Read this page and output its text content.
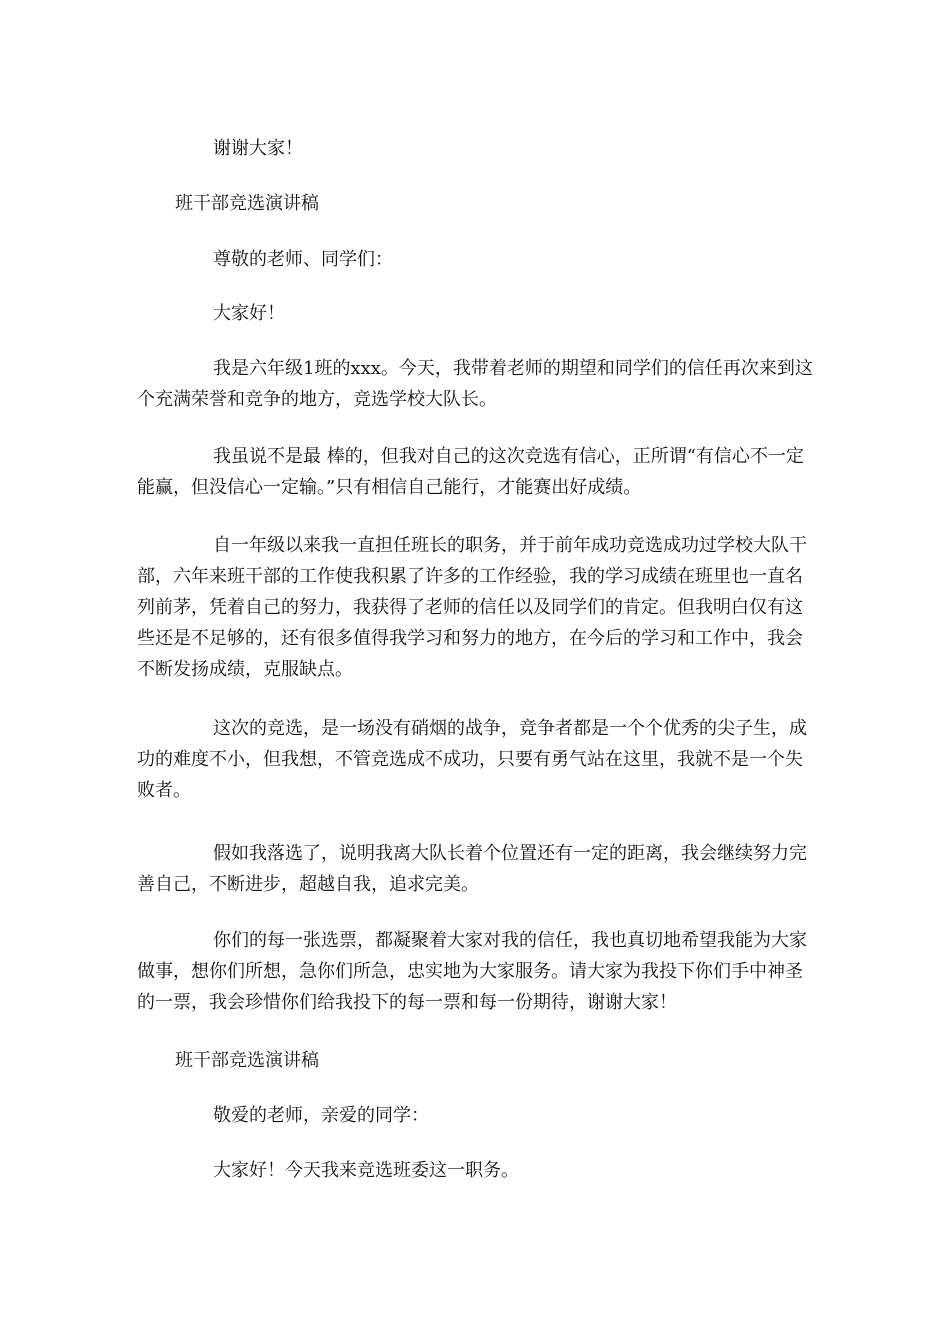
谢谢大家！

班干部竞选演讲稿

尊敬的老师、同学们：

大家好！

我是六年级1班的xxx。今天，我带着老师的期望和同学们的信任再次来到这个充满荣誉和竞争的地方，竞选学校大队长。

我虽说不是最 棒的，但我对自己的这次竞选有信心，正所谓“有信心不一定能赢，但没信心一定输。”只有相信自己能行，才能赛出好成绩。

自一年级以来我一直担任班长的职务，并于前年成功竞选成功过学校大队干部，六年来班干部的工作使我积累了许多的工作经验，我的学习成绩在班里也一直名列前茅，凭着自己的努力，我获得了老师的信任以及同学们的肯定。但我明白仅有这些还是不足够的，还有很多值得我学习和努力的地方，在今后的学习和工作中，我会不断发扬成绩，克服缺点。

这次的竞选，是一场没有硝烟的战争，竞争者都是一个个优秀的尖子生，成功的难度不小，但我想，不管竞选成不成功，只要有勇气站在这里，我就不是一个失败者。

假如我落选了，说明我离大队长着个位置还有一定的距离，我会继续努力完善自己，不断进步，超越自我，追求完美。

你们的每一张选票，都凝聚着大家对我的信任，我也真切地希望我能为大家做事，想你们所想，急你们所急，忠实地为大家服务。请大家为我投下你们手中神圣的一票，我会珍惜你们给我投下的每一票和每一份期待，谢谢大家！

班干部竞选演讲稿

敬爱的老师，亲爱的同学：

大家好！今天我来竞选班委这一职务。
